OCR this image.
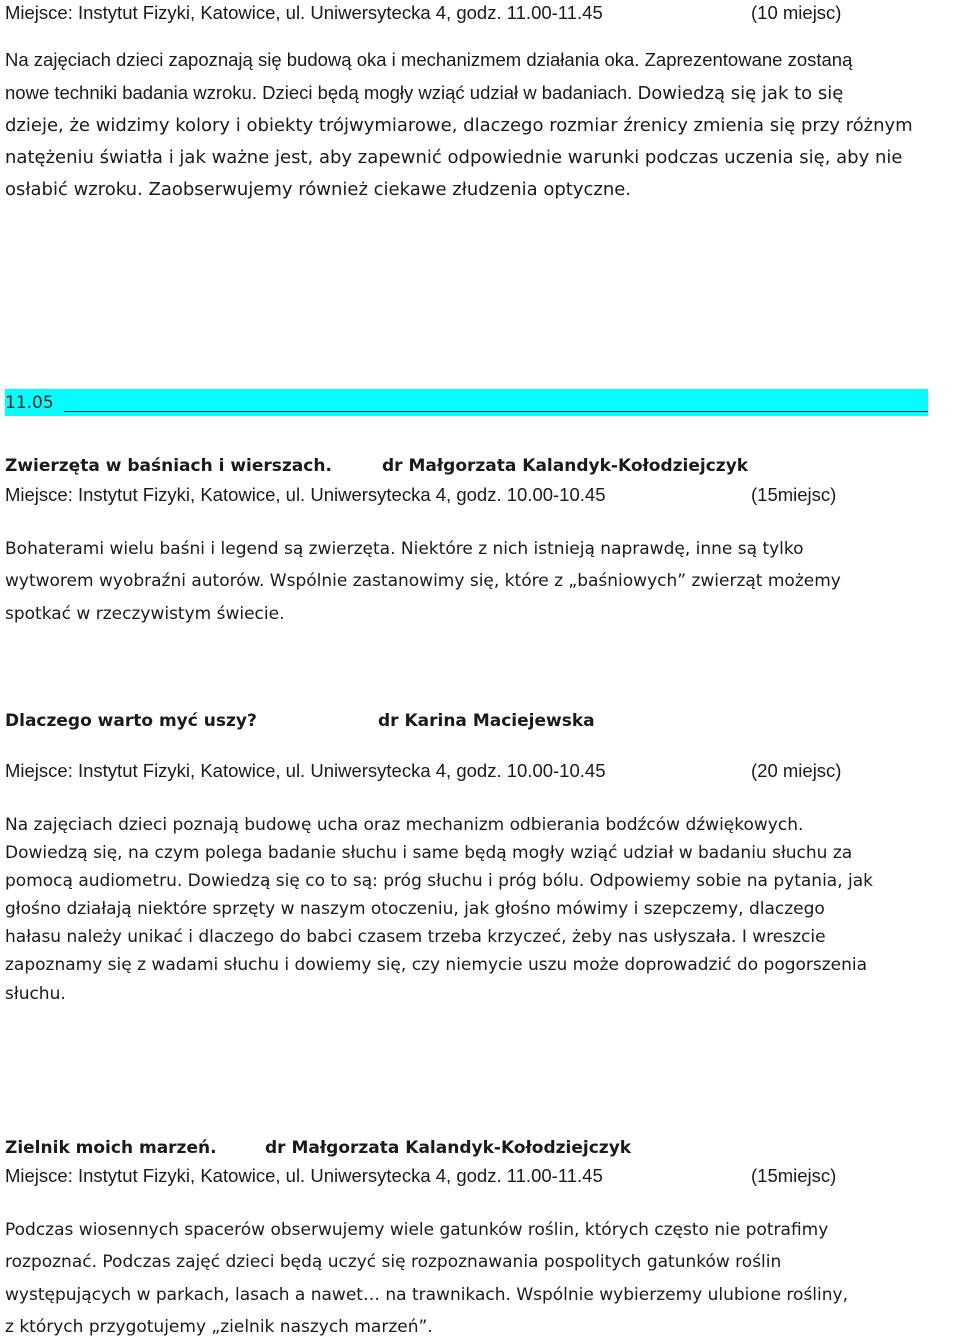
Miejsce: Instytut Fizyki, Katowice, ul. Uniwersytecka 4, godz. 11.00-11.45	(10 miejsc)
Na zajęciach dzieci zapoznają się budową oka i mechanizmem działania oka. Zaprezentowane zostaną
nowe techniki badania wzroku. Dzieci będą mogły wziąć udział w badaniach. Dowiedzą się jak to się
dzieje, że widzimy kolory i obiekty trójwymiarowe, dlaczego rozmiar źrenicy zmienia się przy różnym
natężeniu światła i jak ważne jest, aby zapewnić odpowiednie warunki podczas uczenia się, aby nie
osłabić wzroku. Zaobserwujemy również ciekawe złudzenia optyczne.
11.05
Zwierzęta w baśniach i wierszach.	dr Małgorzata Kalandyk-Kołodziejczyk
Miejsce: Instytut Fizyki, Katowice, ul. Uniwersytecka 4, godz. 10.00-10.45	(15miejsc)
Bohaterami wielu baśni i legend są zwierzęta. Niektóre z nich istnieją naprawdę, inne są tylko
wytworem wyobraźni autorów. Wspólnie zastanowimy się, które z „baśniowych” zwierząt możemy
spotkać w rzeczywistym świecie.
Dlaczego warto myć uszy?	dr Karina Maciejewska
Miejsce: Instytut Fizyki, Katowice, ul. Uniwersytecka 4, godz. 10.00-10.45	(20 miejsc)
Na zajęciach dzieci poznają budowę ucha oraz mechanizm odbierania bodźców dźwiękowych.
Dowiedzą się, na czym polega badanie słuchu i same będą mogły wziąć udział w badaniu słuchu za
pomocą audiometru. Dowiedzą się co to są: próg słuchu i próg bólu. Odpowiemy sobie na pytania, jak
głośno działają niektóre sprzęty w naszym otoczeniu, jak głośno mówimy i szepczemy, dlaczego
hałasu należy unikać i dlaczego do babci czasem trzeba krzyczeć, żeby nas usłyszała. I wreszcie
zapoznamy się z wadami słuchu i dowiemy się, czy niemycie uszu może doprowadzić do pogorszenia
słuchu.
Zielnik moich marzeń.	dr Małgorzata Kalandyk-Kołodziejczyk
Miejsce: Instytut Fizyki, Katowice, ul. Uniwersytecka 4, godz. 11.00-11.45	(15miejsc)
Podczas wiosennych spacerów obserwujemy wiele gatunków roślin, których często nie potrafimy
rozpoznać. Podczas zajęć dzieci będą uczyć się rozpoznawania pospolitych gatunków roślin
występujących w parkach, lasach a nawet… na trawnikach. Wspólnie wybierzemy ulubione rośliny,
z których przygotujemy „zielnik naszych marzeń”.
